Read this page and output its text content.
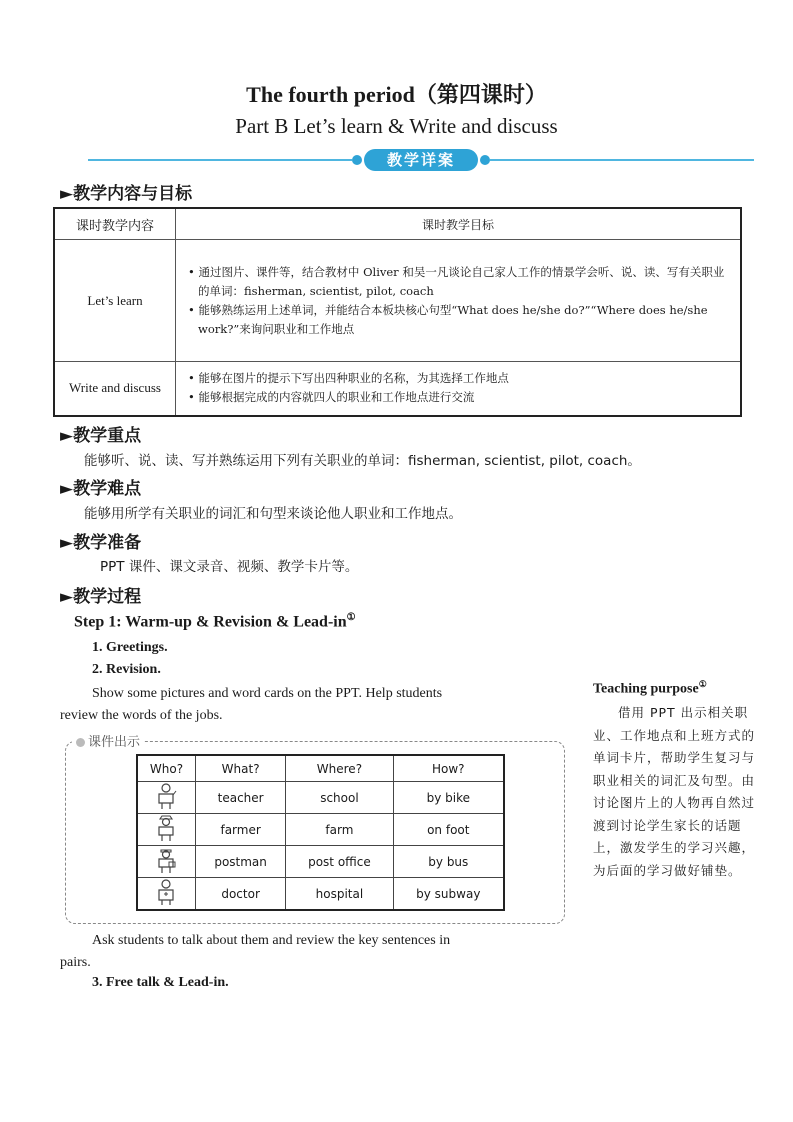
The fourth period（第四课时）
Part B Let’s learn & Write and discuss
教学详案
►教学内容与目标
课时教学内容	课时教学目标
Let’s learn	• 通过图片、课件等，结合教材中 Oliver 和吴一凡谈论自己家人工作的情景学会听、说、读、写有关职业的单词：fisherman, scientist, pilot, coach

• 能够熟练运用上述单词，并能结合本板块核心句型“What does he/she do?”“Where does he/she work?”来询问职业和工作地点

Write and discuss	• 能够在图片的提示下写出四种职业的名称，为其选择工作地点

• 能够根据完成的内容就四人的职业和工作地点进行交流

►教学重点
能够听、说、读、写并熟练运用下列有关职业的单词：fisherman, scientist, pilot, coach。
►教学难点
能够用所学有关职业的词汇和句型来谈论他人职业和工作地点。
►教学准备
PPT 课件、课文录音、视频、教学卡片等。
►教学过程
Step 1: Warm-up & Revision & Lead-in①
1. Greetings.
2. Revision.
Show some pictures and word cards on the PPT. Help students
review the words of the jobs.
课件出示
Who?	What?	Where?	How?
	teacher	school	by bike
	farmer	farm	on foot
	postman	post office	by bus
	doctor	hospital	by subway
Ask students to talk about them and review the key sentences in
pairs.
3. Free talk & Lead-in.
Teaching purpose①
借用 PPT 出示相关职业、工作地点和上班方式的单词卡片，帮助学生复习与职业相关的词汇及句型。由讨论图片上的人物再自然过渡到讨论学生家长的话题上，激发学生的学习兴趣，为后面的学习做好铺垫。
